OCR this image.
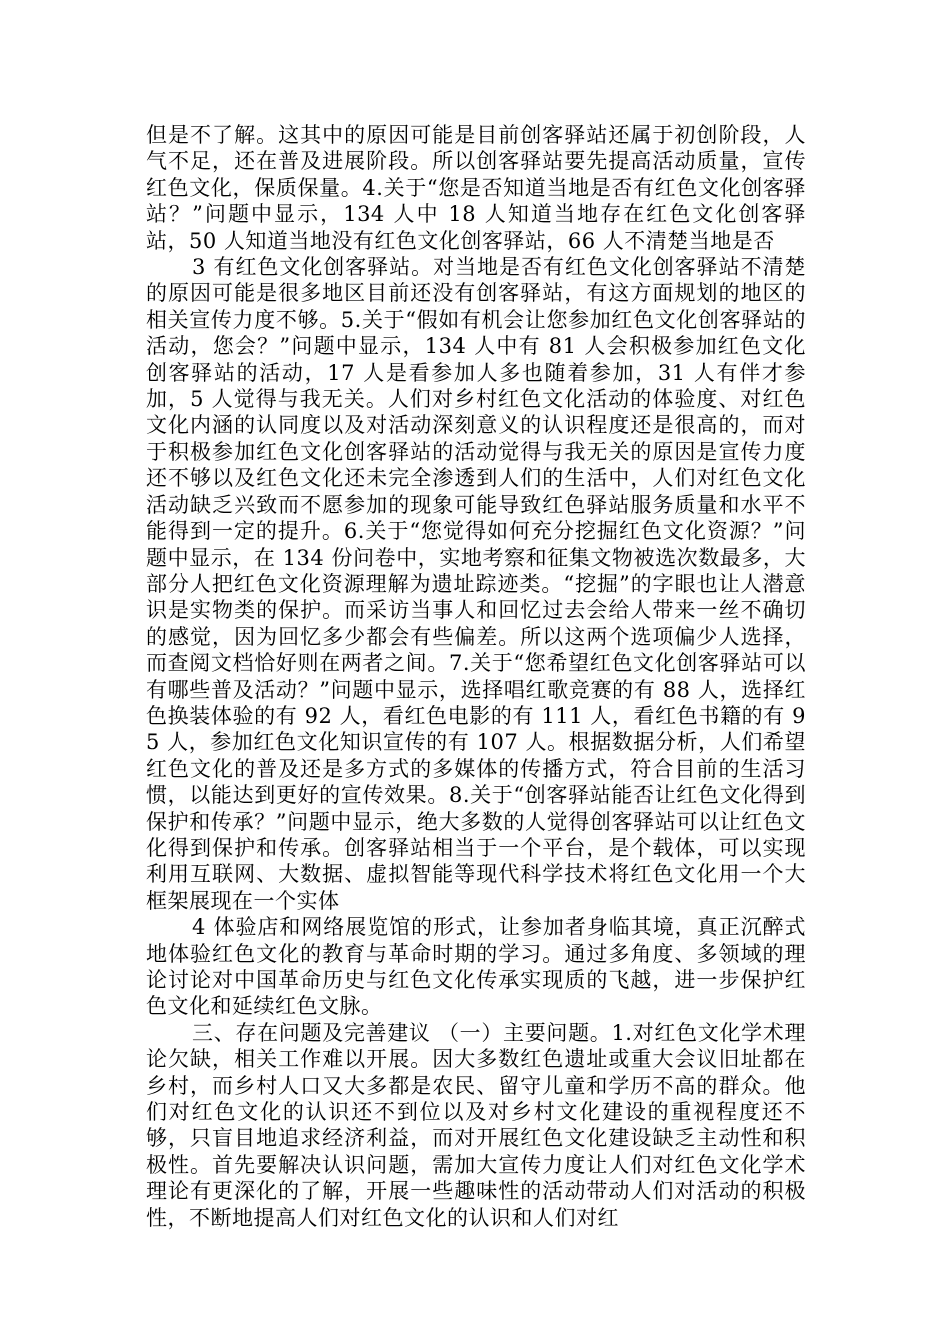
但是不了解。这其中的原因可能是目前创客驿站还属于初创阶段，人气不足，还在普及进展阶段。所以创客驿站要先提高活动质量，宣传红色文化，保质保量。4.关于“您是否知道当地是否有红色文化创客驿站？”问题中显示，134 人中 18 人知道当地存在红色文化创客驿站，50 人知道当地没有红色文化创客驿站，66 人不清楚当地是否

3 有红色文化创客驿站。对当地是否有红色文化创客驿站不清楚的原因可能是很多地区目前还没有创客驿站，有这方面规划的地区的相关宣传力度不够。5.关于“假如有机会让您参加红色文化创客驿站的活动，您会？”问题中显示，134 人中有 81 人会积极参加红色文化创客驿站的活动，17 人是看参加人多也随着参加，31 人有伴才参加，5 人觉得与我无关。人们对乡村红色文化活动的体验度、对红色文化内涵的认同度以及对活动深刻意义的认识程度还是很高的，而对于积极参加红色文化创客驿站的活动觉得与我无关的原因是宣传力度还不够以及红色文化还未完全渗透到人们的生活中，人们对红色文化活动缺乏兴致而不愿参加的现象可能导致红色驿站服务质量和水平不能得到一定的提升。6.关于“您觉得如何充分挖掘红色文化资源？”问题中显示，在 134 份问卷中，实地考察和征集文物被选次数最多，大部分人把红色文化资源理解为遗址踪迹类。“挖掘”的字眼也让人潜意识是实物类的保护。而采访当事人和回忆过去会给人带来一丝不确切的感觉，因为回忆多少都会有些偏差。所以这两个选项偏少人选择，而查阅文档恰好则在两者之间。7.关于“您希望红色文化创客驿站可以有哪些普及活动？”问题中显示，选择唱红歌竞赛的有 88 人，选择红色换装体验的有 92 人，看红色电影的有 111 人，看红色书籍的有 95 人，参加红色文化知识宣传的有 107 人。根据数据分析，人们希望红色文化的普及还是多方式的多媒体的传播方式，符合目前的生活习惯，以能达到更好的宣传效果。8.关于“创客驿站能否让红色文化得到保护和传承？”问题中显示，绝大多数的人觉得创客驿站可以让红色文化得到保护和传承。创客驿站相当于一个平台，是个载体，可以实现利用互联网、大数据、虚拟智能等现代科学技术将红色文化用一个大框架展现在一个实体

4 体验店和网络展览馆的形式，让参加者身临其境，真正沉醉式地体验红色文化的教育与革命时期的学习。通过多角度、多领域的理论讨论对中国革命历史与红色文化传承实现质的飞越，进一步保护红色文化和延续红色文脉。

三、存在问题及完善建议 （一）主要问题。1.对红色文化学术理论欠缺，相关工作难以开展。因大多数红色遗址或重大会议旧址都在乡村，而乡村人口又大多都是农民、留守儿童和学历不高的群众。他们对红色文化的认识还不到位以及对乡村文化建设的重视程度还不够，只盲目地追求经济利益，而对开展红色文化建设缺乏主动性和积极性。首先要解决认识问题，需加大宣传力度让人们对红色文化学术理论有更深化的了解，开展一些趣味性的活动带动人们对活动的积极性，不断地提高人们对红色文化的认识和人们对红
